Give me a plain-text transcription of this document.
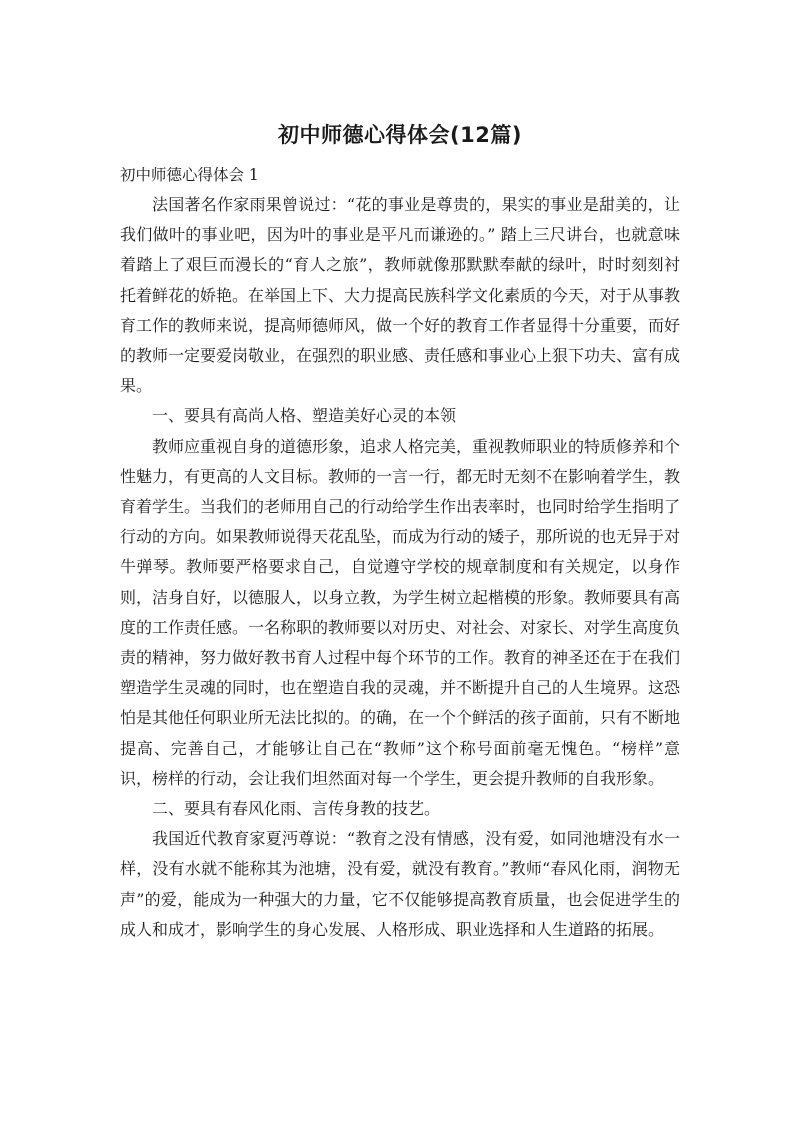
初中师德心得体会(12篇)

初中师德心得体会 1

法国著名作家雨果曾说过：“花的事业是尊贵的，果实的事业是甜美的，让我们做叶的事业吧，因为叶的事业是平凡而谦逊的。” 踏上三尺讲台，也就意味着踏上了艰巨而漫长的“育人之旅”，教师就像那默默奉献的绿叶，时时刻刻衬托着鲜花的娇艳。在举国上下、大力提高民族科学文化素质的今天，对于从事教育工作的教师来说，提高师德师风，做一个好的教育工作者显得十分重要，而好的教师一定要爱岗敬业，在强烈的职业感、责任感和事业心上狠下功夫、富有成果。

一、要具有高尚人格、塑造美好心灵的本领

教师应重视自身的道德形象，追求人格完美，重视教师职业的特质修养和个性魅力，有更高的人文目标。教师的一言一行，都无时无刻不在影响着学生，教育着学生。当我们的老师用自己的行动给学生作出表率时，也同时给学生指明了行动的方向。如果教师说得天花乱坠，而成为行动的矮子，那所说的也无异于对牛弹琴。教师要严格要求自己，自觉遵守学校的规章制度和有关规定，以身作则，洁身自好，以德服人，以身立教，为学生树立起楷模的形象。教师要具有高度的工作责任感。一名称职的教师要以对历史、对社会、对家长、对学生高度负责的精神，努力做好教书育人过程中每个环节的工作。教育的神圣还在于在我们塑造学生灵魂的同时，也在塑造自我的灵魂，并不断提升自己的人生境界。这恐怕是其他任何职业所无法比拟的。的确，在一个个鲜活的孩子面前，只有不断地提高、完善自己，才能够让自己在“教师”这个称号面前毫无愧色。“榜样”意识，榜样的行动，会让我们坦然面对每一个学生，更会提升教师的自我形象。

二、要具有春风化雨、言传身教的技艺。

我国近代教育家夏沔尊说：“教育之没有情感，没有爱，如同池塘没有水一样，没有水就不能称其为池塘，没有爱，就没有教育。”教师“春风化雨，润物无声”的爱，能成为一种强大的力量，它不仅能够提高教育质量，也会促进学生的成人和成才，影响学生的身心发展、人格形成、职业选择和人生道路的拓展。
